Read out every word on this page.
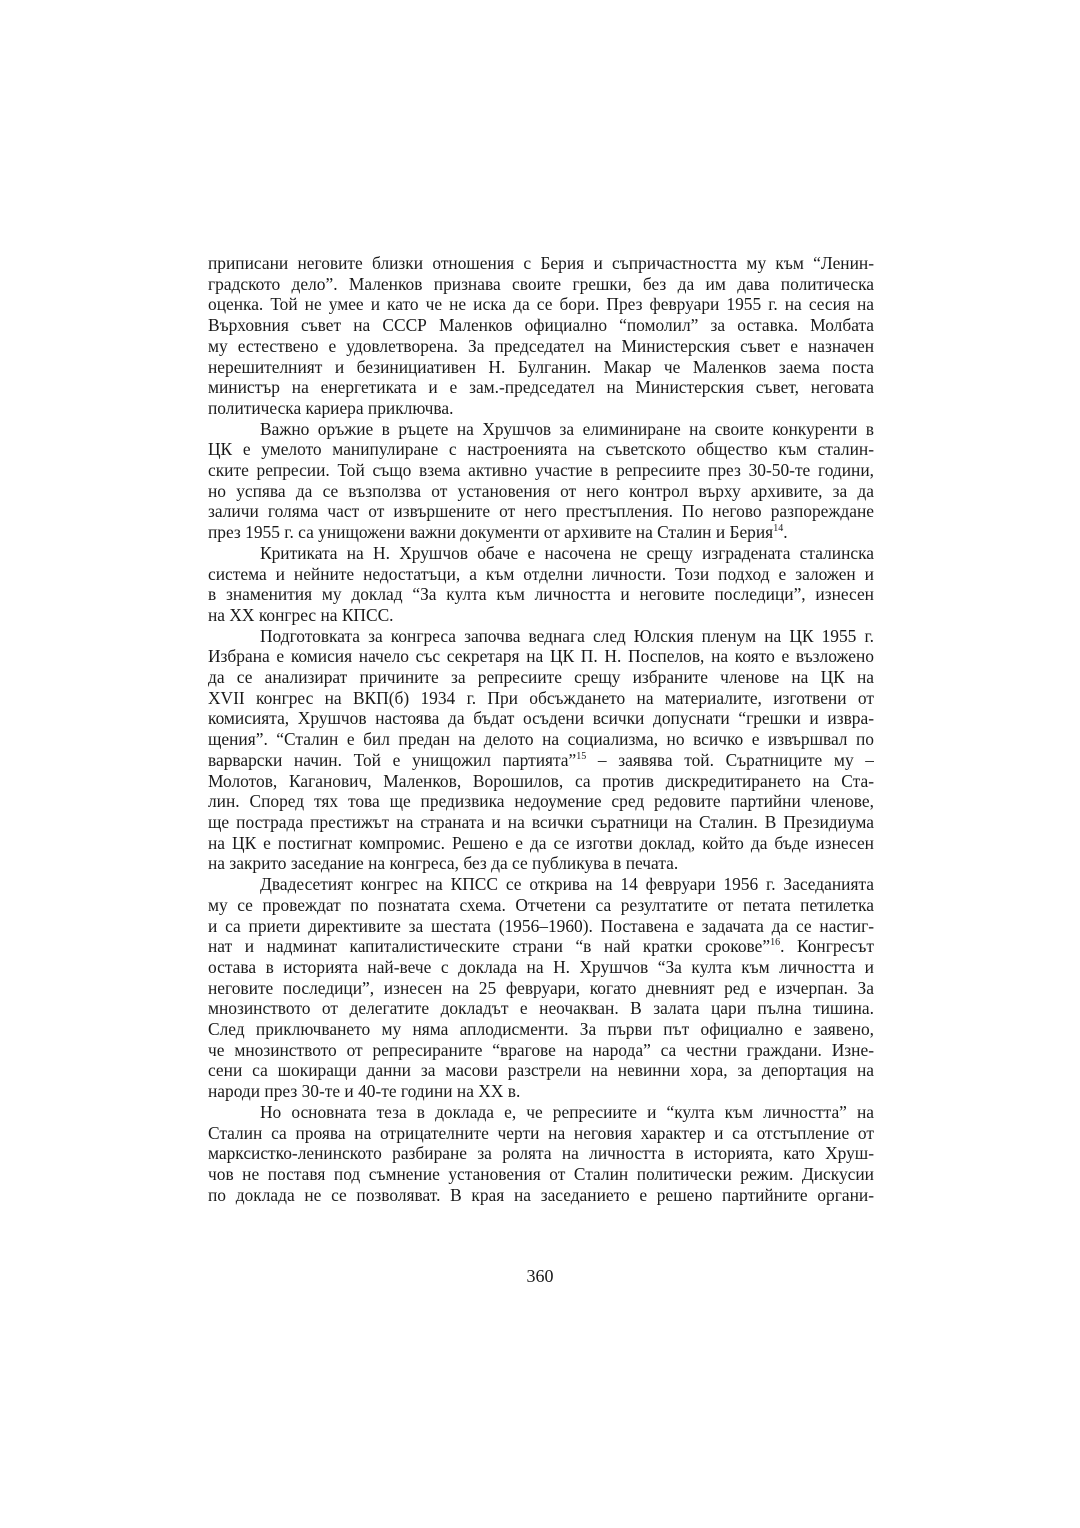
приписани неговите близки отношения с Берия и съпричастността му към “Ленин-
градското дело”. Маленков признава своите грешки, без да им дава политическа
оценка. Той не умее и като че не иска да се бори. През февруари 1955 г. на сесия на
Върховния съвет на СССР Маленков официално “помолил” за оставка. Молбата
му естествено е удовлетворена. За председател на Министерския съвет е назначен
нерешителният и безинициативен Н. Булганин. Макар че Маленков заема поста
министър на енергетиката и е зам.-председател на Министерския съвет, неговата
политическа кариера приключва.
Важно оръжие в ръцете на Хрушчов за елиминиране на своите конкуренти в
ЦК е умелото манипулиране с настроенията на съветското общество към сталин-
ските репресии. Той също взема активно участие в репресиите през 30-50-те години,
но успява да се възползва от установения от него контрол върху архивите, за да
заличи голяма част от извършените от него престъпления. По негово разпореждане
през 1955 г. са унищожени важни документи от архивите на Сталин и Берия$^{14}$.
Критиката на Н. Хрушчов обаче е насочена не срещу изградената сталинска
система и нейните недостатъци, а към отделни личности. Този подход е заложен и
в знаменития му доклад “За култа към личността и неговите последици”, изнесен
на XX конгрес на КПСС.
Подготовката за конгреса започва веднага след Юлския пленум на ЦК 1955 г.
Избрана е комисия начело със секретаря на ЦК П. Н. Поспелов, на която е възложено
да се анализират причините за репресиите срещу избраните членове на ЦК на
XVII конгрес на ВКП(б) 1934 г. При обсъждането на материалите, изготвени от
комисията, Хрушчов настоява да бъдат осъдени всички допуснати “грешки и извра-
щения”. “Сталин е бил предан на делото на социализма, но всичко е извършвал по
варварски начин. Той е унищожил партията”$^{15}$ – заявява той. Съратниците му –
Молотов, Каганович, Маленков, Ворошилов, са против дискредитирането на Ста-
лин. Според тях това ще предизвика недоумение сред редовите партийни членове,
ще пострада престижът на страната и на всички съратници на Сталин. В Президиума
на ЦК е постигнат компромис. Решено е да се изготви доклад, който да бъде изнесен
на закрито заседание на конгреса, без да се публикува в печата.
Двадесетият конгрес на КПСС се открива на 14 февруари 1956 г. Заседанията
му се провеждат по познатата схема. Отчетени са резултатите от петата петилетка
и са приети директивите за шестата (1956–1960). Поставена е задачата да се настиг-
нат и надминат капиталистическите страни “в най кратки срокове”$^{16}$. Конгресът
остава в историята най-вече с доклада на Н. Хрушчов “За култа към личността и
неговите последици”, изнесен на 25 февруари, когато дневният ред е изчерпан. За
мнозинството от делегатите докладът е неочакван. В залата цари пълна тишина.
След приключването му няма аплодисменти. За първи път официално е заявено,
че мнозинството от репресираните “врагове на народа” са честни граждани. Изне-
сени са шокиращи данни за масови разстрели на невинни хора, за депортация на
народи през 30-те и 40-те години на XX в.
Но основната теза в доклада е, че репресиите и “култа към личността” на
Сталин са проява на отрицателните черти на неговия характер и са отстъпление от
марксистко-ленинското разбиране за ролята на личността в историята, като Хруш-
чов не поставя под съмнение установения от Сталин политически режим. Дискусии
по доклада не се позволяват. В края на заседанието е решено партийните органи-
360
